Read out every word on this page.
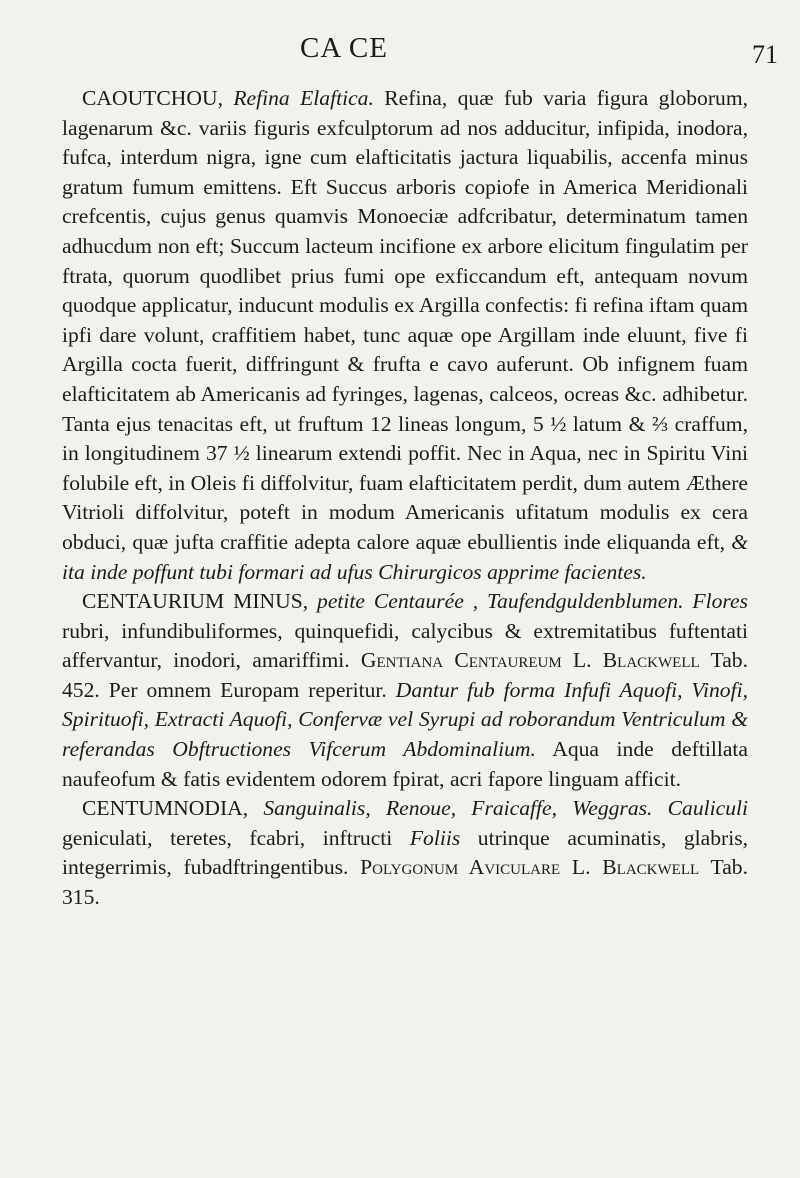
CA CE	71

CAOUTCHOU, Refina Elaftica. Refina, quæ fub varia figura globorum, lagenarum &c. variis figuris exfculptorum ad nos adducitur, infipida, inodora, fufca, interdum nigra, igne cum elafticitatis jactura liquabilis, accenfa minus gratum fumum emittens. Eft Succus arboris copiofe in America Meridionali crefcentis, cujus genus quamvis Monoeciæ adfcribatur, determinatum tamen adhucdum non eft; Succum lacteum incifione ex arbore elicitum fingulatim per ftrata, quorum quodlibet prius fumi ope exficcandum eft, antequam novum quodque applicatur, inducunt modulis ex Argilla confectis: fi refina iftam quam ipfi dare volunt, craffitiem habet, tunc aquæ ope Argillam inde eluunt, five fi Argilla cocta fuerit, diffringunt & frufta e cavo auferunt. Ob infignem fuam elafticitatem ab Americanis ad fyringes, lagenas, calceos, ocreas &c. adhibetur. Tanta ejus tenacitas eft, ut fruftum 12 lineas longum, 5 ½ latum & ⅔ craffum, in longitudinem 37 ½ linearum extendi poffit. Nec in Aqua, nec in Spiritu Vini folubile eft, in Oleis fi diffolvitur, fuam elafticitatem perdit, dum autem Æthere Vitrioli diffolvitur, poteft in modum Americanis ufitatum modulis ex cera obduci, quæ jufta craffitie adepta calore aquæ ebullientis inde eliquanda eft, & ita inde poffunt tubi formari ad ufus Chirurgicos apprime facientes.

CENTAURIUM MINUS, petite Centaurée , Taufendguldenblumen. Flores rubri, infundibuliformes, quinquefidi, calycibus & extremitatibus fuftentati affervantur, inodori, amariffimi. Gentiana Centaureum L. Blackwell Tab. 452. Per omnem Europam reperitur. Dantur fub forma Infufi Aquofi, Vinofi, Spirituofi, Extracti Aquofi, Confervæ vel Syrupi ad roborandum Ventriculum & referandas Obftructiones Vifcerum Abdominalium. Aqua inde deftillata naufeofum & fatis evidentem odorem fpirat, acri fapore linguam afficit.

CENTUMNODIA, Sanguinalis, Renoue, Fraicaffe, Weggras. Cauliculi geniculati, teretes, fcabri, inftructi Foliis utrinque acuminatis, glabris, integerrimis, fubadftringentibus. Polygonum Aviculare L. Blackwell Tab. 315.
